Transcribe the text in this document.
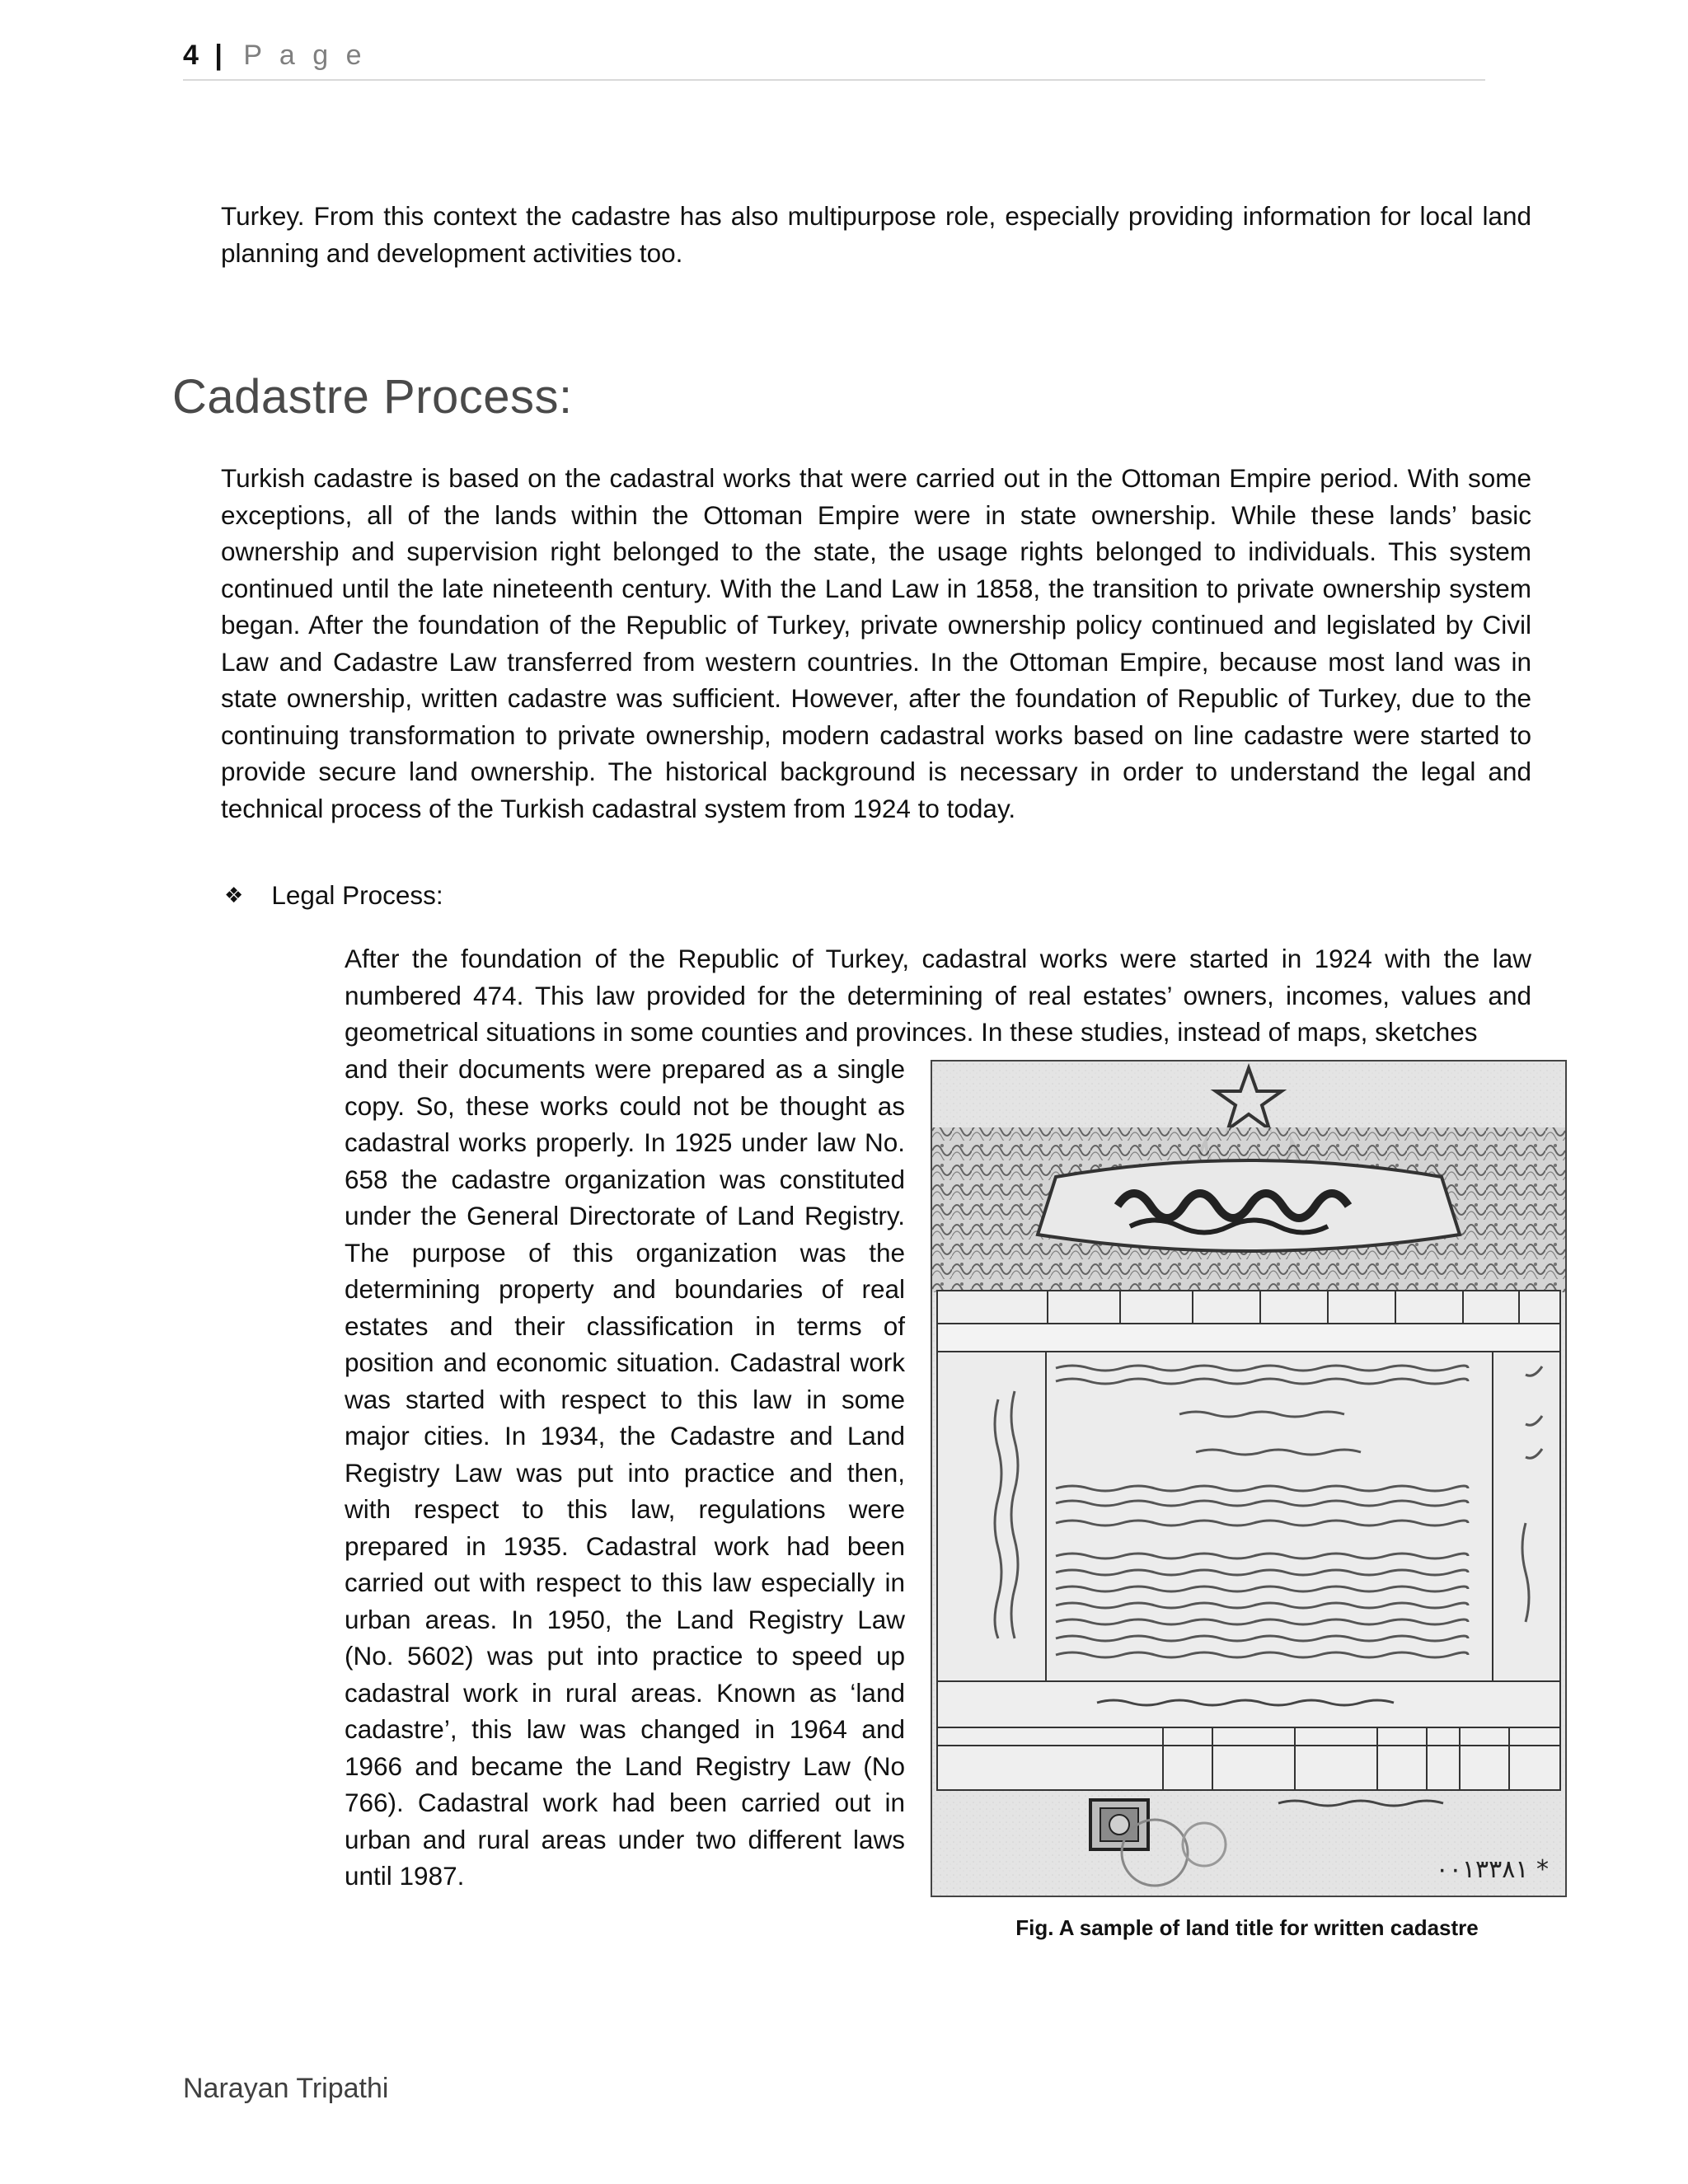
4 | P a g e

Turkey. From this context the cadastre has also multipurpose role, especially providing information for local land planning and development activities too.

Cadastre Process:

Turkish cadastre is based on the cadastral works that were carried out in the Ottoman Empire period. With some exceptions, all of the lands within the Ottoman Empire were in state ownership. While these lands’ basic ownership and supervision right belonged to the state, the usage rights belonged to individuals. This system continued until the late nineteenth century. With the Land Law in 1858, the transition to private ownership system began. After the foundation of the Republic of Turkey, private ownership policy continued and legislated by Civil Law and Cadastre Law transferred from western countries. In the Ottoman Empire, because most land was in state ownership, written cadastre was sufficient. However, after the foundation of Republic of Turkey, due to the continuing transformation to private ownership, modern cadastral works based on line cadastre were started to provide secure land ownership. The historical background is necessary in order to understand the legal and technical process of the Turkish cadastral system from 1924 to today.

❖ Legal Process:

After the foundation of the Republic of Turkey, cadastral works were started in 1924 with the law numbered 474. This law provided for the determining of real estates’ owners, incomes, values and geometrical situations in some counties and provinces. In these studies, instead of maps, sketches

and their documents were prepared as a single copy. So, these works could not be thought as cadastral works properly. In 1925 under law No. 658 the cadastre organization was constituted under the General Directorate of Land Registry. The purpose of this organization was the determining property and boundaries of real estates and their classification in terms of position and economic situation. Cadastral work was started with respect to this law in some major cities. In 1934, the Cadastre and Land Registry Law was put into practice and then, with respect to this law, regulations were prepared in 1935. Cadastral work had been carried out with respect to this law especially in urban areas. In 1950, the Land Registry Law (No. 5602) was put into practice to speed up cadastral work in rural areas. Known as ‘land cadastre’, this law was changed in 1964 and 1966 and became the Land Registry Law (No 766). Cadastral work had been carried out in urban and rural areas under two different laws until 1987.	٠٠١٣٣٨١ *
Fig. A sample of land title for written cadastre
Narayan Tripathi
